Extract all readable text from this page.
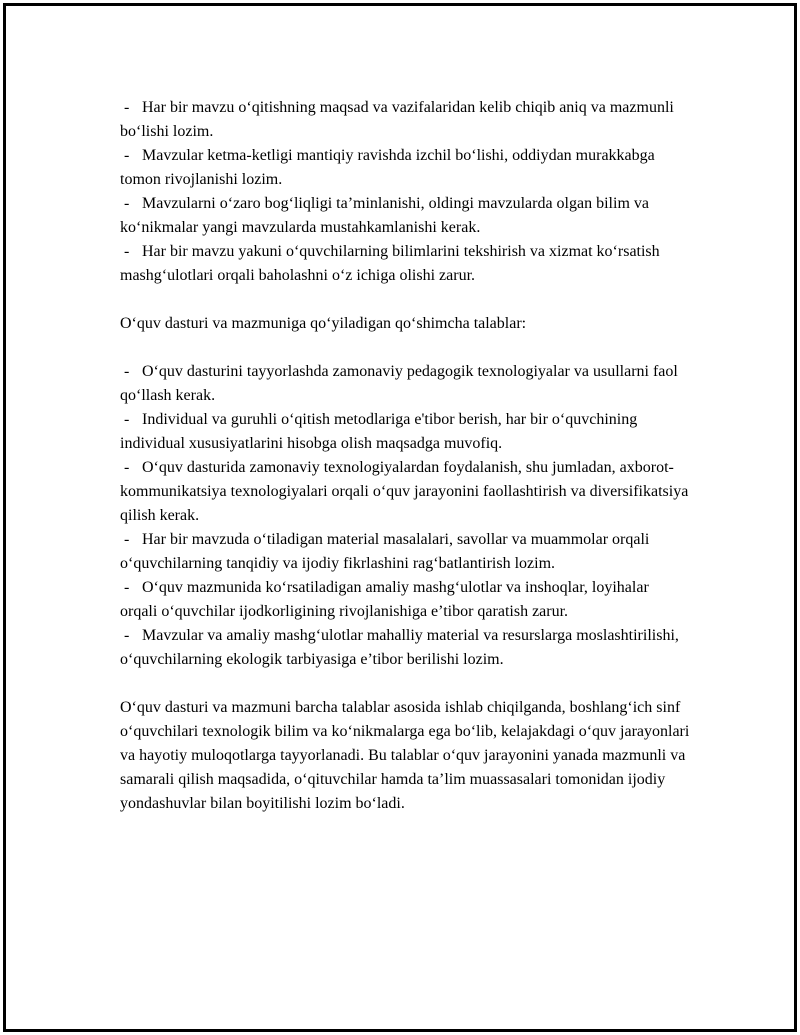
- Har bir mavzu o‘qitishning maqsad va vazifalaridan kelib chiqib aniq va mazmunli bo‘lishi lozim.
- Mavzular ketma-ketligi mantiqiy ravishda izchil bo‘lishi, oddiydan murakkabga tomon rivojlanishi lozim.
- Mavzularni o‘zaro bog‘liqligi ta’minlanishi, oldingi mavzularda olgan bilim va ko‘nikmalar yangi mavzularda mustahkamlanishi kerak.
- Har bir mavzu yakuni o‘quvchilarning bilimlarini tekshirish va xizmat ko‘rsatish mashg‘ulotlari orqali baholashni o‘z ichiga olishi zarur.

O‘quv dasturi va mazmuniga qo‘yiladigan qo‘shimcha talablar:

- O‘quv dasturini tayyorlashda zamonaviy pedagogik texnologiyalar va usullarni faol qo‘llash kerak.
- Individual va guruhli o‘qitish metodlariga e'tibor berish, har bir o‘quvchining individual xususiyatlarini hisobga olish maqsadga muvofiq.
- O‘quv dasturida zamonaviy texnologiyalardan foydalanish, shu jumladan, axborot-kommunikatsiya texnologiyalari orqali o‘quv jarayonini faollashtirish va diversifikatsiya qilish kerak.
- Har bir mavzuda o‘tiladigan material masalalari, savollar va muammolar orqali o‘quvchilarning tanqidiy va ijodiy fikrlashini rag‘batlantirish lozim.
- O‘quv mazmunida ko‘rsatiladigan amaliy mashg‘ulotlar va inshoqlar, loyihalar orqali o‘quvchilar ijodkorligining rivojlanishiga e’tibor qaratish zarur.
- Mavzular va amaliy mashg‘ulotlar mahalliy material va resurslarga moslashtirilishi, o‘quvchilarning ekologik tarbiyasiga e’tibor berilishi lozim.

O‘quv dasturi va mazmuni barcha talablar asosida ishlab chiqilganda, boshlang‘ich sinf o‘quvchilari texnologik bilim va ko‘nikmalarga ega bo‘lib, kelajakdagi o‘quv jarayonlari va hayotiy muloqotlarga tayyorlanadi. Bu talablar o‘quv jarayonini yanada mazmunli va samarali qilish maqsadida, o‘qituvchilar hamda ta’lim muassasalari tomonidan ijodiy yondashuvlar bilan boyitilishi lozim bo‘ladi.
